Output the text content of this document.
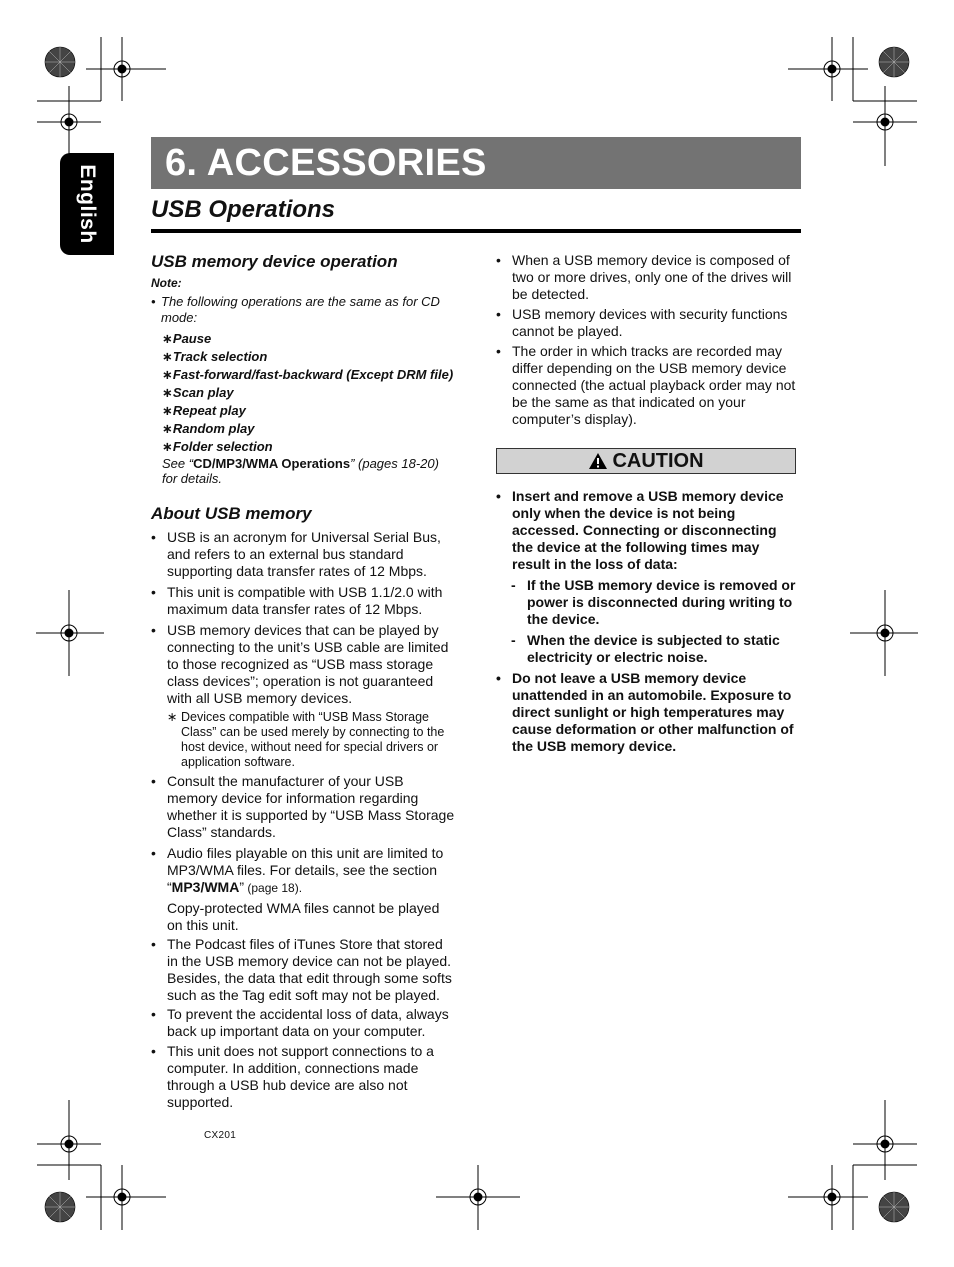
English
6. ACCESSORIES
USB Operations
USB memory device operation
Note:
• The following operations are the same as for CD mode:
∗Pause
∗Track selection
∗Fast-forward/fast-backward (Except DRM file)
∗Scan play
∗Repeat play
∗Random play
∗Folder selection

See “CD/MP3/WMA Operations” (pages 18-20) for details.

About USB memory
• USB is an acronym for Universal Serial Bus, and refers to an external bus standard supporting data transfer rates of 12 Mbps.
• This unit is compatible with USB 1.1/2.0 with maximum data transfer rates of 12 Mbps.
• USB memory devices that can be played by connecting to the unit’s USB cable are limited to those recognized as “USB mass storage class devices”; operation is not guaranteed with all USB memory devices.
∗ Devices compatible with “USB Mass Storage Class” can be used merely by connecting to the host device, without need for special drivers or application software.
• Consult the manufacturer of your USB memory device for information regarding whether it is supported by “USB Mass Storage Class” standards.
• Audio files playable on this unit are limited to MP3/WMA files. For details, see the section “MP3/WMA” (page 18).

Copy-protected WMA files cannot be played on this unit.

• The Podcast files of iTunes Store that stored in the USB memory device can not be played. Besides, the data that edit through some softs such as the Tag edit soft may not be played.
• To prevent the accidental loss of data, always back up important data on your computer.
• This unit does not support connections to a computer. In addition, connections made through a USB hub device are also not supported.
• When a USB memory device is composed of two or more drives, only one of the drives will be detected.
• USB memory devices with security functions cannot be played.
• The order in which tracks are recorded may differ depending on the USB memory device connected (the actual playback order may not be the same as that indicated on your computer’s display).
CAUTION
• Insert and remove a USB memory device only when the device is not being accessed. Connecting or disconnecting the device at the following times may result in the loss of data:
- If the USB memory device is removed or power is disconnected during writing to the device.
- When the device is subjected to static electricity or electric noise.
• Do not leave a USB memory device unattended in an automobile. Exposure to direct sunlight or high temperatures may cause deformation or other malfunction of the USB memory device.
CX201
